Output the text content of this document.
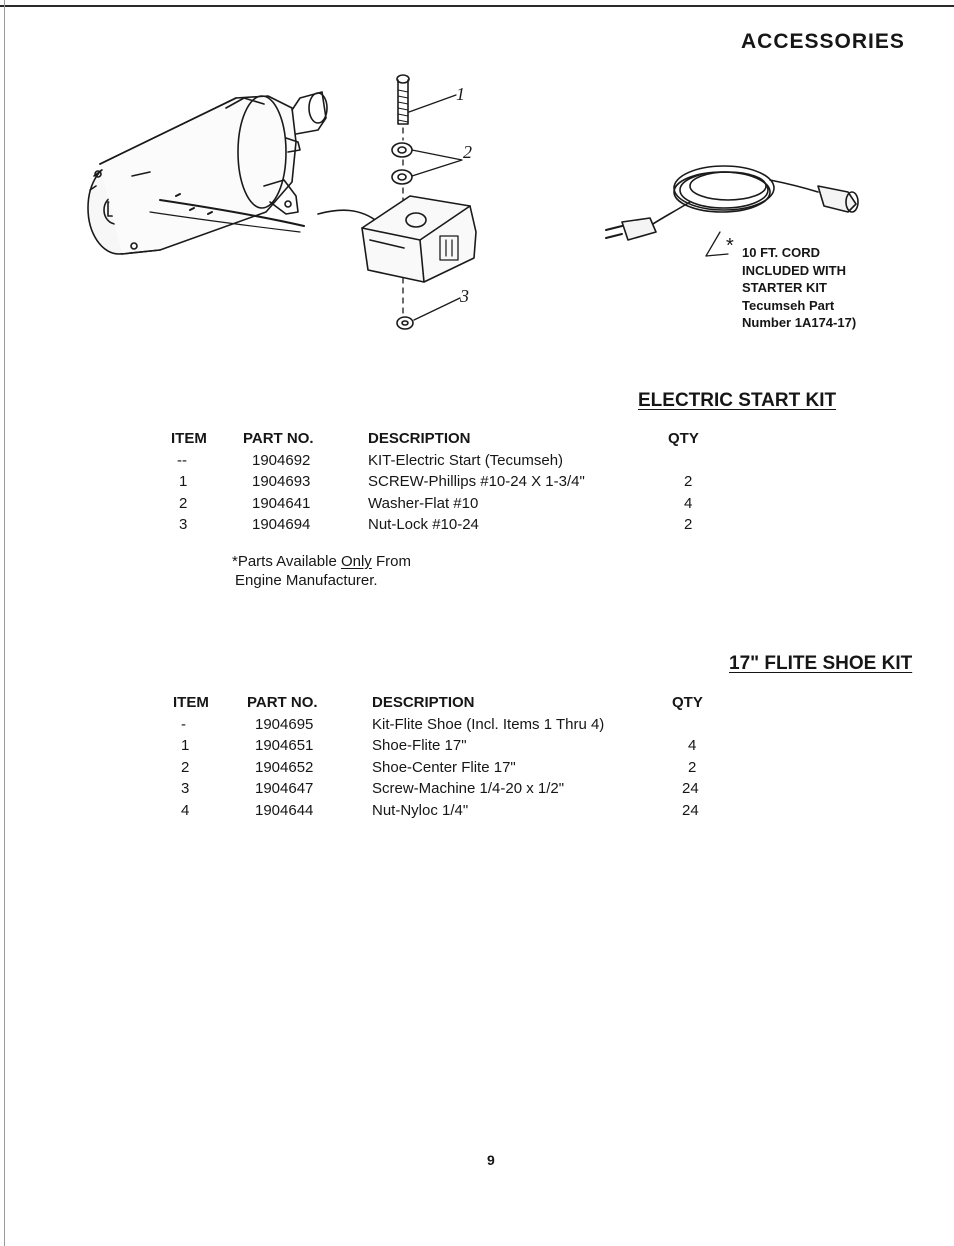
ACCESSORIES
1
2
3
* 10 FT. CORD
INCLUDED WITH
STARTER KIT
Tecumseh Part
Number 1A174-17)
ELECTRIC START KIT
ITEM	PART NO.	DESCRIPTION	QTY
--	1904692	KIT-Electric Start (Tecumseh)	
1	1904693	SCREW-Phillips #10-24 X 1-3/4"	2
2	1904641	Washer-Flat #10	4
3	1904694	Nut-Lock #10-24	2
*Parts Available Only From
Engine Manufacturer.
17" FLITE SHOE KIT
ITEM	PART NO.	DESCRIPTION	QTY
-	1904695	Kit-Flite Shoe (Incl. Items 1 Thru 4)	
1	1904651	Shoe-Flite 17"	4
2	1904652	Shoe-Center Flite 17"	2
3	1904647	Screw-Machine 1/4-20 x 1/2"	24
4	1904644	Nut-Nyloc 1/4"	24
9
